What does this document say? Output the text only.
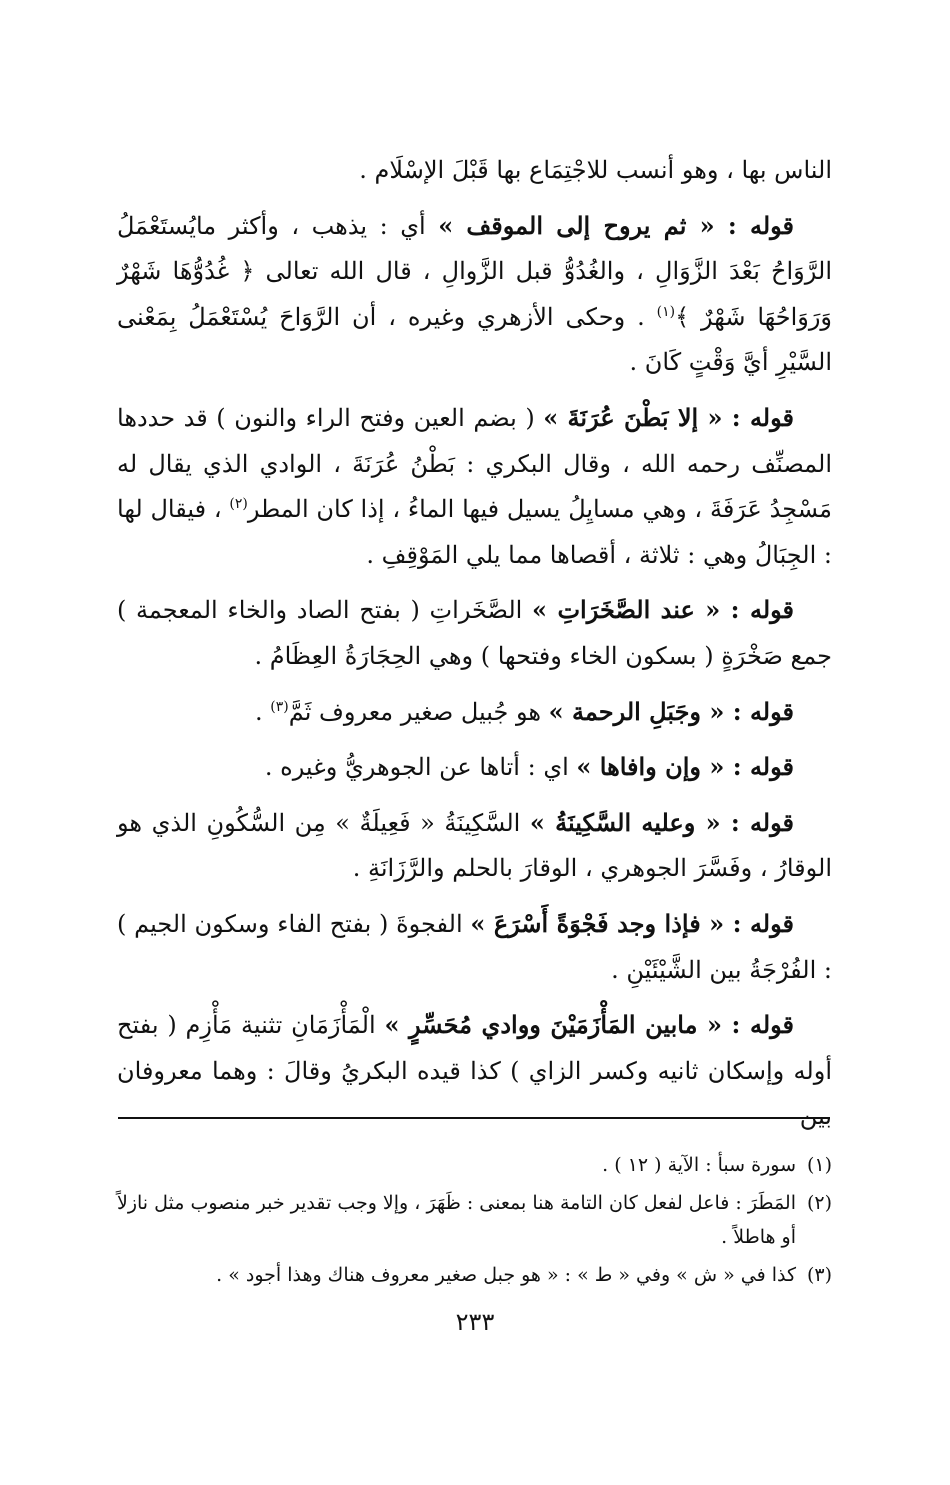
الناس بها ، وهو أنسب للاجْتِمَاع بها قَبْلَ الإسْلَام .

قوله : « ثم يروح إلى الموقف » أي : يذهب ، وأكثر مايُستَعْمَلُ الرَّوَاحُ بَعْدَ الزَّوَالِ ، والغُدُوُّ قبل الزَّوالِ ، قال الله تعالى ﴿ غُدُوُّهَا شَهْرٌ وَرَوَاحُهَا شَهْرٌ ﴾$^{(١)}$ . وحكى الأزهري وغيره ، أن الرَّوَاحَ يُسْتَعْمَلُ بِمَعْنى السَّيْرِ أيَّ وَقْتٍ كَانَ .

قوله : « إلا بَطْنَ عُرَنَةَ » ( بضم العين وفتح الراء والنون ) قد حددها المصنِّف رحمه الله ، وقال البكري : بَطْنُ عُرَنَةَ ، الوادي الذي يقال له مَسْجِدُ عَرَفَةَ ، وهي مسايِلُ يسيل فيها الماءُ ، إذا كان المطر$^{(٢)}$ ، فيقال لها : الجِبَالُ وهي : ثلاثة ، أقصاها مما يلي المَوْقِفِ .

قوله : « عند الصَّخَرَاتِ » الصَّخَراتِ ( بفتح الصاد والخاء المعجمة ) جمع صَخْرَةٍ ( بسكون الخاء وفتحها ) وهي الحِجَارَةُ العِظَامُ .

قوله : « وجَبَلِ الرحمة » هو جُبيل صغير معروف ثَمَّ$^{(٣)}$ .

قوله : « وإن وافاها » اي : أتاها عن الجوهريُّ وغيره .

قوله : « وعليه السَّكِينَةُ » السَّكِينَةُ « فَعِيلَةٌ » مِن السُّكُونِ الذي هو الوقارُ ، وفَسَّرَ الجوهري ، الوقارَ بالحلم والرَّزَانَةِ .

قوله : « فإذا وجد فَجْوَةً أَسْرَعَ » الفجوةَ ( بفتح الفاء وسكون الجيم ) : الفُرْجَةُ بين الشَّيْئَيْنِ .

قوله : « مابين المَأْزَمَيْنَ ووادي مُحَسِّرٍ » الْمَأْزَمَانِ تثنية مَأْزِم ( بفتح أوله وإسكان ثانيه وكسر الزاي ) كذا قيده البكريُ وقالَ : وهما معروفان بين

(١)
سورة سبأ : الآية ( ١٢ ) .
(٢)
المَطَرَ : فاعل لفعل كان التامة هنا بمعنى : ظَهَرَ ، وإلا وجب تقدير خبر منصوب مثل نازلاً أو هاطلاً .
(٣)
كذا في « ش » وفي « ط » : « هو جبل صغير معروف هناك وهذا أجود » .
٢٣٣
